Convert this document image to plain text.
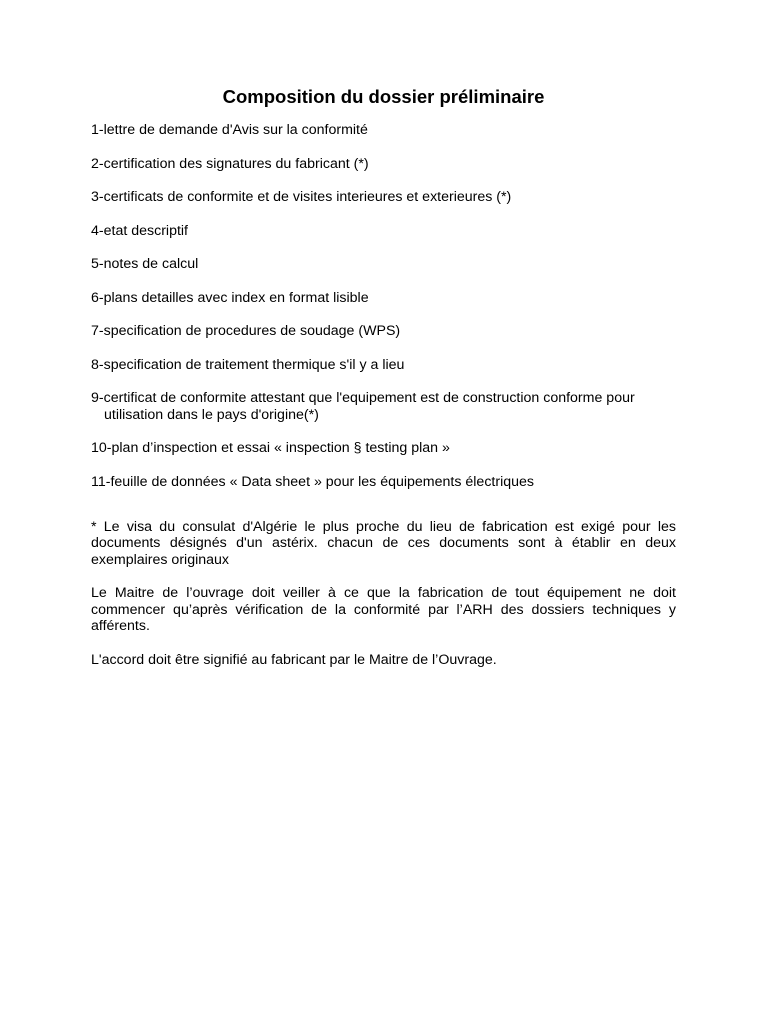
Composition du dossier préliminaire
1-lettre de demande d'Avis sur la conformité
2-certification des signatures du fabricant (*)
3-certificats de conformite et de visites interieures et exterieures (*)
4-etat descriptif
5-notes de calcul
6-plans detailles avec index en format lisible
7-specification de procedures de soudage (WPS)
8-specification de traitement thermique s'il y a lieu
9-certificat de conformite attestant que l'equipement est de construction conforme pour
utilisation dans le pays d'origine(*)
10-plan d’inspection et essai « inspection § testing plan »
11-feuille de données « Data sheet » pour les équipements électriques

* Le visa du consulat d'Algérie le plus proche du lieu de fabrication est exigé pour les documents désignés d'un astérix. chacun de ces documents sont à établir en deux exemplaires originaux

Le Maitre de l’ouvrage doit veiller à ce que la fabrication de tout équipement ne doit commencer qu’après vérification de la conformité par l’ARH des dossiers techniques y afférents.

L'accord doit être signifié au fabricant par le Maitre de l’Ouvrage.
